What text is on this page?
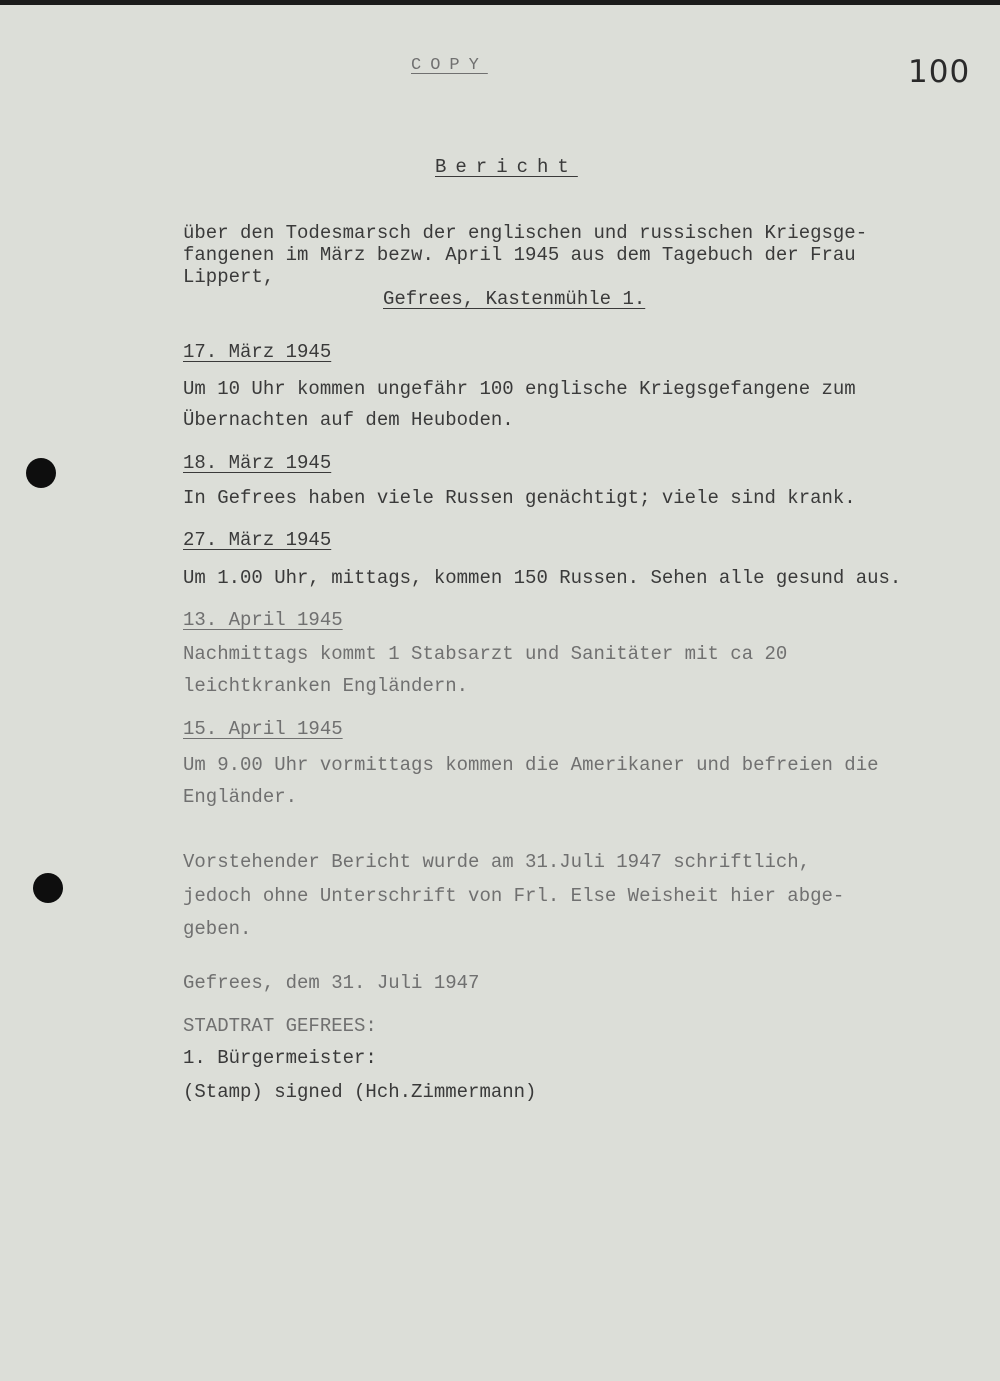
COPY	100
Bericht
über den Todesmarsch der englischen und russischen Kriegsge-
fangenen im März bezw. April 1945 aus dem Tagebuch der Frau
Lippert,
Gefrees, Kastenmühle 1.
17. März 1945
Um 10 Uhr kommen ungefähr 100 englische Kriegsgefangene zum
Übernachten auf dem Heuboden.
18. März 1945
In Gefrees haben viele Russen genächtigt; viele sind krank.
27. März 1945
Um 1.00 Uhr, mittags, kommen 150 Russen. Sehen alle gesund aus.
13. April 1945
Nachmittags kommt 1 Stabsarzt und Sanitäter mit ca 20
leichtkranken Engländern.
15. April 1945
Um 9.00 Uhr vormittags kommen die Amerikaner und befreien die
Engländer.
Vorstehender Bericht wurde am 31.Juli 1947 schriftlich,
jedoch ohne Unterschrift von Frl. Else Weisheit hier abge-
geben.
Gefrees, dem 31. Juli 1947
STADTRAT GEFREES:
1. Bürgermeister:
(Stamp) signed (Hch.Zimmermann)
